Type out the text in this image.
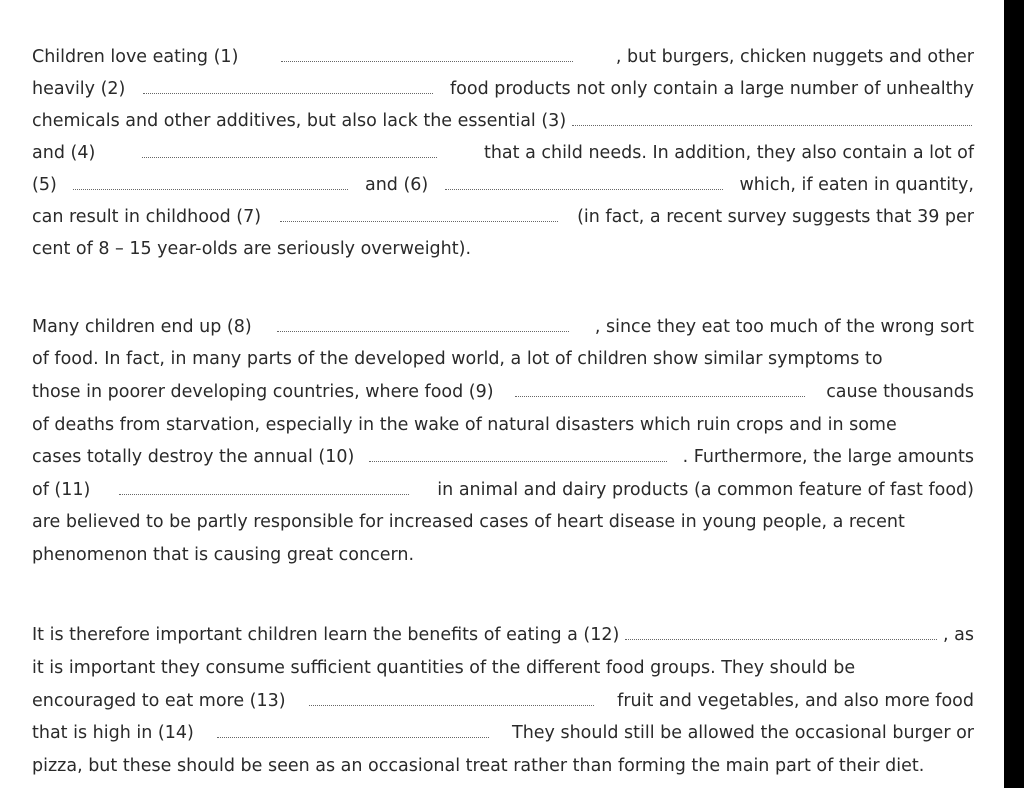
Children love eating (1)	, but burgers, chicken nuggets and other
heavily (2)	food products not only contain a large number of unhealthy
chemicals and other additives, but also lack the essential (3)
and (4)	that a child needs. In addition, they also contain a lot of
(5)	and (6)	which, if eaten in quantity,
can result in childhood (7)	(in fact, a recent survey suggests that 39 per
cent of 8 – 15 year-olds are seriously overweight).
Many children end up (8)	, since they eat too much of the wrong sort
of food. In fact, in many parts of the developed world, a lot of children show similar symptoms to
those in poorer developing countries, where food (9)	cause thousands
of deaths from starvation, especially in the wake of natural disasters which ruin crops and in some
cases totally destroy the annual (10)	. Furthermore, the large amounts
of (11)	in animal and dairy products (a common feature of fast food)
are believed to be partly responsible for increased cases of heart disease in young people, a recent
phenomenon that is causing great concern.
It is therefore important children learn the benefits of eating a (12)	, as
it is important they consume sufficient quantities of the different food groups. They should be
encouraged to eat more (13)	fruit and vegetables, and also more food
that is high in (14)	They should still be allowed the occasional burger or
pizza, but these should be seen as an occasional treat rather than forming the main part of their diet.
